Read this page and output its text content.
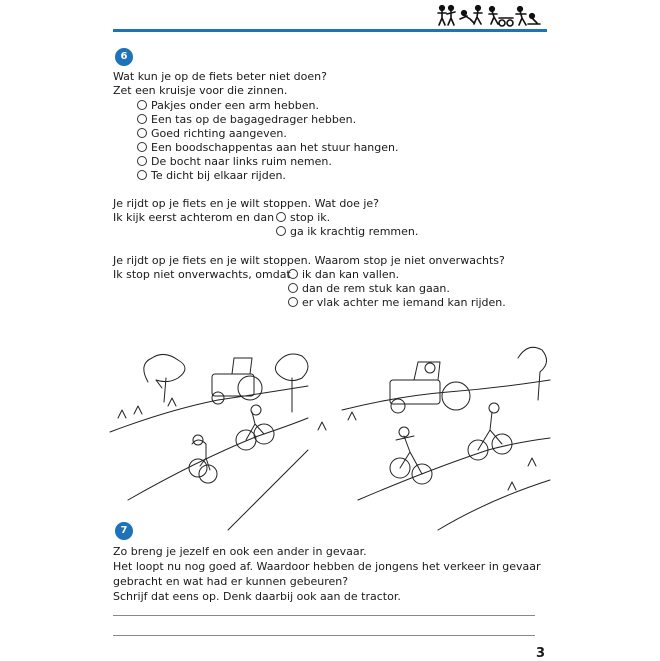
6
Wat kun je op de fiets beter niet doen?
Zet een kruisje voor die zinnen.
Pakjes onder een arm hebben.
Een tas op de bagagedrager hebben.
Goed richting aangeven.
Een boodschappentas aan het stuur hangen.
De bocht naar links ruim nemen.
Te dicht bij elkaar rijden.
Je rijdt op je fiets en je wilt stoppen. Wat doe je?
Ik kijk eerst achterom en dan	stop ik.
ga ik krachtig remmen.
Je rijdt op je fiets en je wilt stoppen. Waarom stop je niet onverwachts?
Ik stop niet onverwachts, omdat	ik dan kan vallen.
dan de rem stuk kan gaan.
er vlak achter me iemand kan rijden.
7
Zo breng je jezelf en ook een ander in gevaar.
Het loopt nu nog goed af. Waardoor hebben de jongens het verkeer in gevaar
gebracht en wat had er kunnen gebeuren?
Schrijf dat eens op. Denk daarbij ook aan de tractor.
3
